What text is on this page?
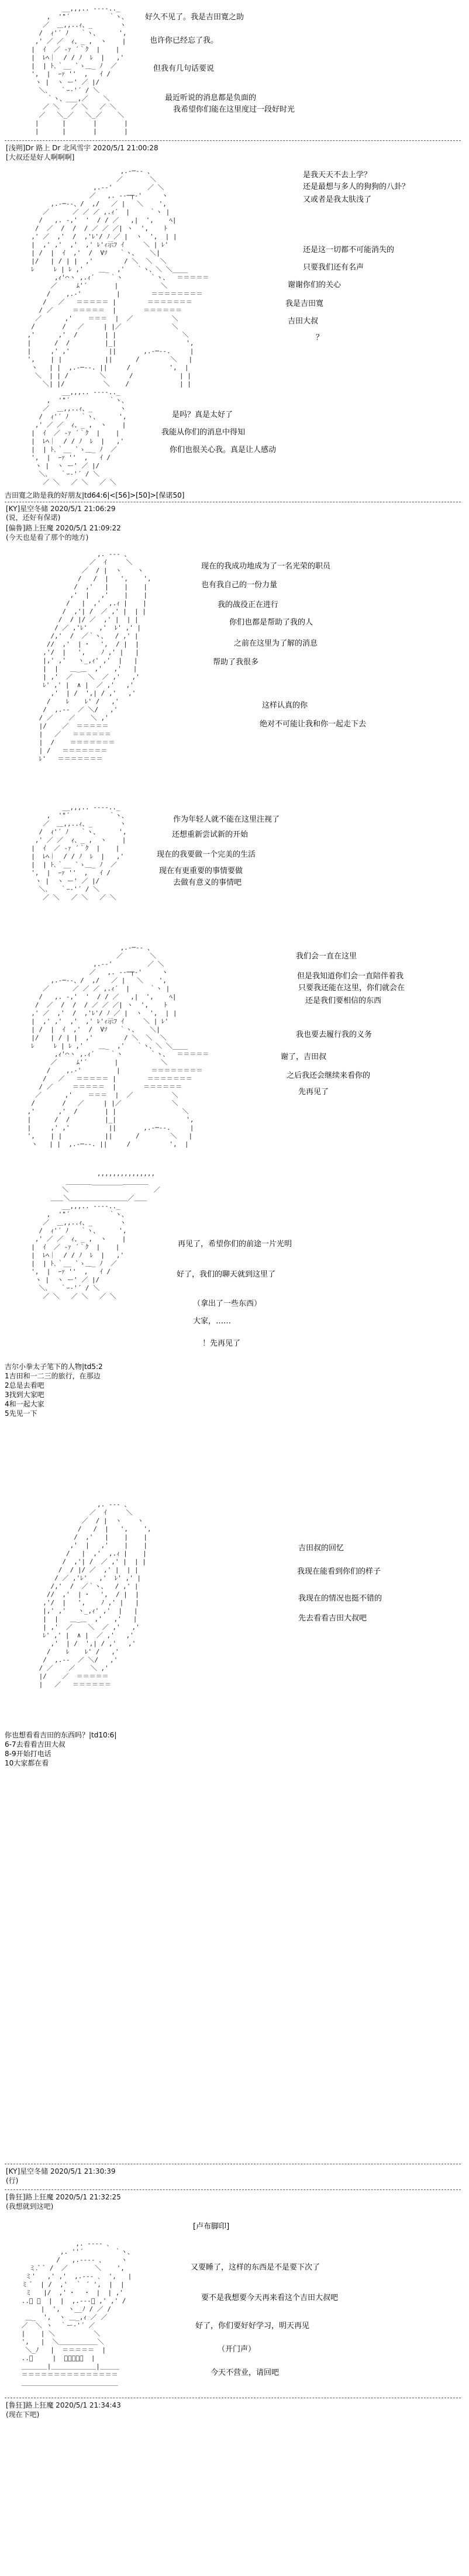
__,,,.. ---‐.._
,  '"´          ｀ヽ、
／  ＿,,..ｨ、_       ヽ
/  ｨ'´ ﾉ   ｀ヽ、     ',
,' ／ ／  ｨ、_ ,  ヽ    |
|  ｲ  ／ ‐ｧ ´｀ｸ  |    |
|  ﾚﾍ｜  / / ﾉ  ﾚ  |   ,'
|  | ﾄ､｀__ `ゝ＿_ ﾉ  ／
',  |  ｰｧ ''  ,   ｲ /
ヽ |  ヽ ー' ／ |/
＼､   ｀ｰ‐'´ / ＼
｀ヽ、___,／    ＼
／ ＼   ／ ＼   ／ ＼
／   ＼_／   ＼_／    ＼
|      |       |       |
|      |       |       |
好久不见了。我是吉田寛之助
也许你已经忘了我。
但我有几句话要说
最近听说的消息都是负面的
我希望你们能在这里度过一段好时光
[浅朔]Dr 路上 Dr 北风雪宇 2020/5/1 21:00:28
[大叔还是好人啊啊啊]
,.-─‐- 、
／       ＼
,.-‐'         ／ ＼
／   ,. --─┬‐'     ヽ
,.-─‐-、/  ,/   ／ |   ＼    ',
／      ／ ／ ／ ,.ｨ´  |     ｀ヽ |
/   ,. -,'  '  / / ／   ,|  ',    ﾍ|
/  ／  /  /  / ／ ／ ／| ヽ  ',    ﾄ
,' ／  ,'  /  ,'ﾚ'/ ﾉ ／ |  ヽ  ',  | |
|  ,' ,'  ,'  ,' ﾚ'ｨ示ﾌ ｲ     ＼ | ﾚ'
| /  |  ｲ  ,'  /  Vｿ   ｀ヽ、   ＼|
|/   | / | |  ,'        / ＼  ＼  ＼
ﾚ     ﾚ | ﾚ ,'    ＿_  ,'   ｀ヽ、＼ ＼____
,ｨ'⌒ヽ ,.ｨ´    ｀ヽ       ｀ヽ、  ＝＝＝＝＝
／     ﾑ'´       |           ＼
/    ,.-'         |        ＝＝＝＝＝＝＝＝
/   ／   ＝＝＝＝＝ |        ＝＝＝＝＝＝＝
/ ／     ＝＝＝＝＝  |       ＝＝＝＝＝＝
／      ,'    ＝＝＝  |  ／          ＼
/       /   ／     | |／             ＼
,'      ,'  /       | |                 ＼
|      /  /         |_|                  ',
|     ,' ,'          ||       ,.-─‐-.     |
',    | |           ||      /        ＼   |
ヽ   | |  ,.-─‐-. ||     /          ',  |
＼  | | /        ＼      /            | |
＼| |/          ＼    /             | |
是我天天不去上学？
还是最想与多人的狗狗的八卦？
又或者是我太肤浅了
还是这一切都不可能消失的
只要我们还有名声
谢谢你们的关心
我是吉田寛
吉田大叔
？
__,,,.. ---‐.._
,  '"´          ｀ヽ、
／  ＿,,..ｨ、_       ヽ
/  ｨ'´ ﾉ   ｀ヽ、     ',
,' ／ ／  ｨ、_ ,  ヽ    |
|  ｲ  ／ ‐ｧ ´｀ｸ  |    |
|  ﾚﾍ｜  / / ﾉ  ﾚ  |   ,'
|  | ﾄ､｀__ `ゝ＿_ ﾉ  ／
',  |  ｰｧ ''  ,   ｲ /
ヽ |  ヽ ー' ／ |/
＼､   ｀ｰ‐'´ / ＼
／ ＼   ／ ＼   ／ ＼
是吗？真是太好了
我能从你们的消息中得知
你们也很关心我。真是让人感动
吉田寛之助是我的好朋友|td64:6|<[56]>[50]>[保诺50]
[KY]星空冬储 2020/5/1 21:06:29
(说，还好有保诺)
[偏鲁]路上狂魔 2020/5/1 21:09:22
(今天也是看了那个的地方)
,. -‐- 、
／  ｲ     ＼
／  / |  ヽ    ヽ
/   /  |   ',    ',
/  ,'   |    |    |
,'  |   ,'    |    |
/   |  ,'  ,.ｨ |    |
/  ,'| /  ／ ,' |  | |
/  / |/ ／  ,' |  | |
/ ／ ,'ﾚ'   ,'  ﾚ' ,' |
/,'  /  ／｀ヽ、  / ,' |
//  ,'  | ･   ',  / |  |
,'/  |   ',    ﾉ ,' |   |
|,' ,'   ヽ_,ｨ' ,'  |   |
|  |   ＿_＿  ,'   ,'   |
| ,'  ／    ＼  ／ ,'   ,'
ﾚ' ,' |  ∧ |  ／ ,'   ,'
,'  | /  ',| / ,'   ,'
/    ﾚ    ﾚ' /   ,'
/  ,.-‐  ／ ＼/   ,'
/ ／    ／    ＼ ,'
|/    ／  ＝＝＝＝＝
|   ／   ＝＝＝＝＝＝
|  /    ＝＝＝＝＝＝＝
| /   ＝＝＝＝＝＝＝
ﾚ'   ＝＝＝＝＝＝＝
现在的我成功地成为了一名光荣的职员
也有我自己的一份力量
我的战役正在进行
你们也都是帮助了我的人
之前在这里为了解的消息
帮助了我很多
这样认真的你
绝对不可能让我和你一起走下去
__,,,.. ---‐.._
,  '"´          ｀ヽ、
／  ＿,,..ｨ、_       ヽ
/  ｨ'´ ﾉ   ｀ヽ、     ',
,' ／ ／  ｨ、_ ,  ヽ    |
|  ｲ  ／ ‐ｧ ´｀ｸ  |    |
|  ﾚﾍ｜  / / ﾉ  ﾚ  |   ,'
|  | ﾄ､｀__ `ゝ＿_ ﾉ  ／
',  |  ｰｧ ''  ,   ｲ /
ヽ |  ヽ ー' ／ |/
＼､   ｀ｰ‐'´ / ＼
／ ＼   ／ ＼   ／ ＼
作为年轻人就不能在这里注视了
还想重新尝试新的开始
现在的我要做一个完美的生活
现在有更重要的事情要做
去做有意义的事情吧
,.-─‐- 、
／       ＼
,.-‐'         ／ ＼
／   ,. --─┬‐'     ヽ
,.-─‐-、/  ,/   ／ |   ＼    ',
／      ／ ／ ／ ,.ｨ´  |     ｀ヽ |
/   ,. -,'  '  / / ／   ,|  ',    ﾍ|
/  ／  /  /  / ／ ／ ／| ヽ  ',    ﾄ
,' ／  ,'  /  ,'ﾚ'/ ﾉ ／ |  ヽ  ',  | |
|  ,' ,'  ,'  ,' ﾚ'ｨ示ﾌ ｲ     ＼ | ﾚ'
| /  |  ｲ  ,'  /  Vｿ   ｀ヽ、   ＼|
|/   | / | |  ,'        / ＼  ＼  ＼
ﾚ     ﾚ | ﾚ ,'    ＿_  ,'   ｀ヽ、＼ ＼____
,ｨ'⌒ヽ ,.ｨ´    ｀ヽ       ｀ヽ、  ＝＝＝＝＝
／     ﾑ'´       |           ＼
/    ,.-'         |        ＝＝＝＝＝＝＝＝
/   ／   ＝＝＝＝＝ |        ＝＝＝＝＝＝＝
/ ／     ＝＝＝＝＝  |       ＝＝＝＝＝＝
／      ,'    ＝＝＝  |  ／          ＼
/       /   ／     | |／             ＼
,'      ,'  /       | |                 ＼
|      /  /         |_|                  ',
|     ,' ,'          ||       ,.-─‐-.     |
',    | |           ||      /        ＼   |
ヽ   | |  ,.-─‐-. ||     /          ',  |
我们会一直在这里
但是我知道你们会一直陪伴着我
只要我还能在这里，你们就会在
还是我们要相信的东西
我也要去履行我的义务
谢了，吉田叔
之后我还会继续来看你的
先再见了
,,,,,,,,,,,,,,,
＿＿＿＿________＿＿＿＿
＼                      ／
＿＿＼＿＿＿＿＿＿＿＿＿／＿＿
__,,,.. ---‐.._
,  '"´          ｀ヽ、
／  ＿,,..ｨ、_       ヽ
/  ｨ'´ ﾉ   ｀ヽ、     ',
,' ／ ／  ｨ、_ ,  ヽ    |
|  ｲ  ／ ‐ｧ ´｀ｸ  |    |
|  ﾚﾍ｜  / / ﾉ  ﾚ  |   ,'
|  | ﾄ､｀__ `ゝ＿_ ﾉ  ／
',  |  ｰｧ ''  ,   ｲ /
ヽ |  ヽ ー' ／ |/
＼､   ｀ｰ‐'´ / ＼
／ ＼   ／ ＼   ／ ＼
再见了，希望你们的前途一片光明
好了，我们的聊天就到这里了
（拿出了一些东西）
大家，……
！先再见了
吉尔小拳太子笔下的人物|td5:2
1吉田和一二三的旅行，在那边
2总是去看吧
3找到大家吧
4和一起大家
5先见一下
,. -‐- 、
／  ｲ     ＼
／  / |  ヽ    ヽ
/   /  |   ',    ',
/  ,'   |    |    |
,'  |   ,'    |    |
/   |  ,'  ,.ｨ |    |
/  ,'| /  ／ ,' |  | |
/  / |/ ／  ,' |  | |
/ ／ ,'ﾚ'   ,'  ﾚ' ,' |
/,'  /  ／｀ヽ、  / ,' |
//  ,'  | ･   ',  / |  |
,'/  |   ',    ﾉ ,' |   |
|,' ,'   ヽ_,ｨ' ,'  |   |
|  |   ＿_＿  ,'   ,'   |
| ,'  ／    ＼  ／ ,'   ,'
ﾚ' ,' |  ∧ |  ／ ,'   ,'
,'  | /  ',| / ,'   ,'
/    ﾚ    ﾚ' /   ,'
/  ,.-‐  ／ ＼/   ,'
/ ／    ／    ＼ ,'
|/    ／  ＝＝＝＝＝
|   ／   ＝＝＝＝＝＝
吉田叔的回忆
我现在能看到你们的样子
我现在的情况也挺不错的
先去看看吉田大叔吧
你也想看看吉田的东西吗？|td10:6|
6-7去看看吉田大叔
8-9开始打电话
10大家都在看
[KY]星空冬储 2020/5/1 21:30:39
(行)
[鲁狂]路上狂魔 2020/5/1 21:32:25
(我想就到这吧)
[卢布脚印]
,. -‐‐- ､
,. ''´        ｀ヽ、
/   ,.-‐‐- 、    ヽ
ミ.ﾞ ﾞ /  ／       ＼    ',
ミ'   ,' ,'  ,.-‐- ､  ',   |
ミ ﾞ  | /  ,'  ｀ ´ ',  |  |
ミ   |/  ,' ･   ･  |  | ,'
..ﾞ ﾞ  |  |  ,.-‐‐､ ,' ,' /
|  ',  ヽ__ﾉ / ／ /
＿_  ',  ヽ ＿_,ｨ ／ ／
／  ＼ ヽ  ｀ー‐'´ ／
|    | ＼          ＼
',   |  ＼＿＿＿＿＿＿＼
＼_ﾉ   |  ＝＝＝＝＝  |
..ﾞ     |  ＝＝＝＝＝  |
＿＿＿＿|＿＿＿＿＿＿＿|＿＿＿
＝＝＝＝＝＝＝＝＝＝＝＝＝＝＝
＿＿＿＿＿＿＿＿＿＿＿＿＿＿＿
又要睡了，这样的东西是不是要下次了
要不是我想要今天再来看这个吉田大叔吧
好了，你们要好好学习，明天再见
（开门声）
今天不营业，请回吧
[鲁狂]路上狂魔 2020/5/1 21:34:43
(现在下吧)
